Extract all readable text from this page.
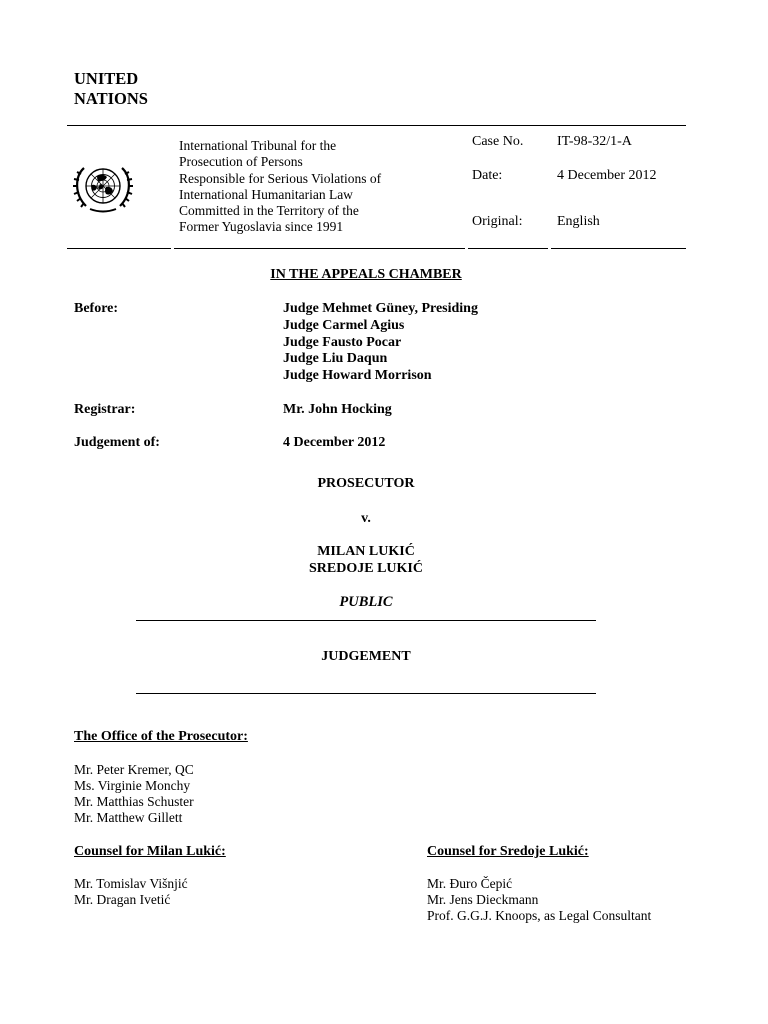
UNITED
NATIONS
International Tribunal for the
Prosecution of Persons
Responsible for Serious Violations of
International Humanitarian Law
Committed in the Territory of the
Former Yugoslavia since 1991
Case No. IT-98-32/1-A
Date:	4 December 2012
Original: English
IN THE APPEALS CHAMBER
Before:	Judge Mehmet Güney, Presiding
Judge Carmel Agius
Judge Fausto Pocar
Judge Liu Daqun
Judge Howard Morrison
Registrar:	Mr. John Hocking
Judgement of:	4 December 2012
PROSECUTOR
v.
MILAN LUKIĆ
SREDOJE LUKIĆ
PUBLIC
JUDGEMENT
The Office of the Prosecutor:
Mr. Peter Kremer, QC
Ms. Virginie Monchy
Mr. Matthias Schuster
Mr. Matthew Gillett
Counsel for Milan Lukić:
Mr. Tomislav Višnjić
Mr. Dragan Ivetić
Counsel for Sredoje Lukić:
Mr. Đuro Čepić
Mr. Jens Dieckmann
Prof. G.G.J. Knoops, as Legal Consultant
